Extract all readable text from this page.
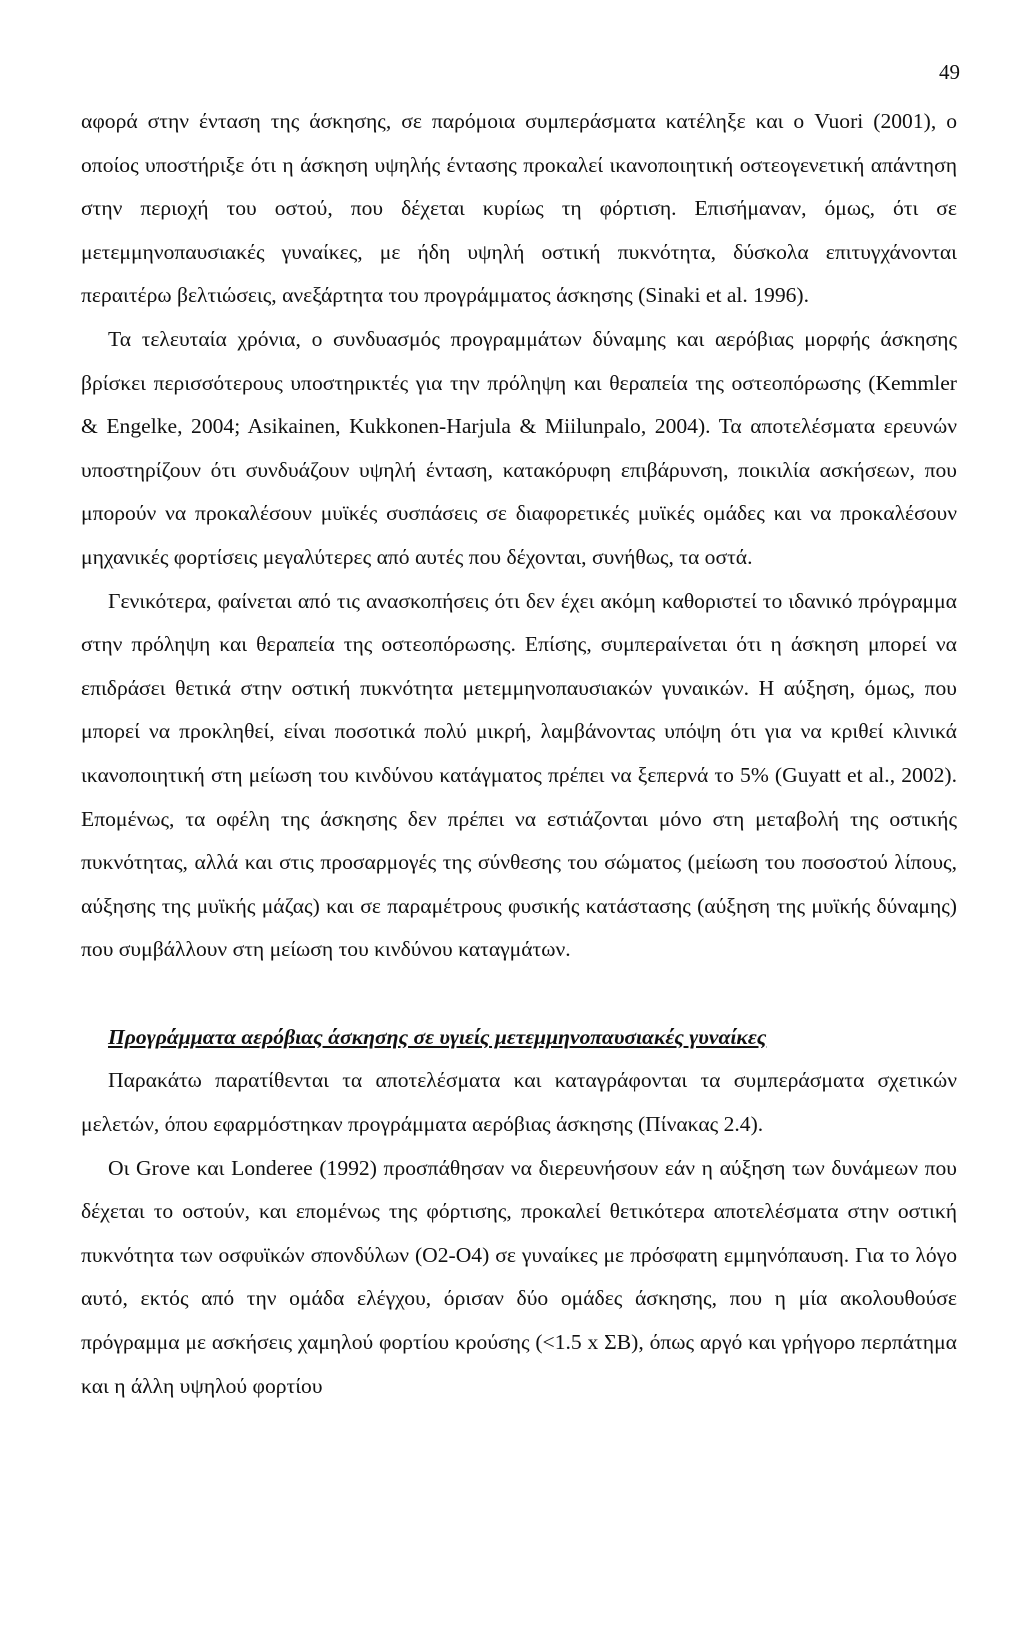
49

αφορά στην ένταση της άσκησης, σε παρόμοια συμπεράσματα κατέληξε και ο Vuori (2001), ο οποίος υποστήριξε ότι η άσκηση υψηλής έντασης προκαλεί ικανοποιητική οστεογενετική απάντηση στην περιοχή του οστού, που δέχεται κυρίως τη φόρτιση. Επισήμαναν, όμως, ότι σε μετεμμηνοπαυσιακές γυναίκες, με ήδη υψηλή οστική πυκνότητα, δύσκολα επιτυγχάνονται περαιτέρω βελτιώσεις, ανεξάρτητα του προγράμματος άσκησης (Sinaki et al. 1996).

Τα τελευταία χρόνια, ο συνδυασμός προγραμμάτων δύναμης και αερόβιας μορφής άσκησης βρίσκει περισσότερους υποστηρικτές για την πρόληψη και θεραπεία της οστεοπόρωσης (Kemmler & Engelke, 2004; Asikainen, Kukkonen-Harjula & Miilunpalo, 2004). Τα αποτελέσματα ερευνών υποστηρίζουν ότι συνδυάζουν υψηλή ένταση, κατακόρυφη επιβάρυνση, ποικιλία ασκήσεων, που μπορούν να προκαλέσουν μυϊκές συσπάσεις σε διαφορετικές μυϊκές ομάδες και να προκαλέσουν μηχανικές φορτίσεις μεγαλύτερες από αυτές που δέχονται, συνήθως, τα οστά.

Γενικότερα, φαίνεται από τις ανασκοπήσεις ότι δεν έχει ακόμη καθοριστεί το ιδανικό πρόγραμμα στην πρόληψη και θεραπεία της οστεοπόρωσης. Επίσης, συμπεραίνεται ότι η άσκηση μπορεί να επιδράσει θετικά στην οστική πυκνότητα μετεμμηνοπαυσιακών γυναικών. Η αύξηση, όμως, που μπορεί να προκληθεί, είναι ποσοτικά πολύ μικρή, λαμβάνοντας υπόψη ότι για να κριθεί κλινικά ικανοποιητική στη μείωση του κινδύνου κατάγματος πρέπει να ξεπερνά το 5% (Guyatt et al., 2002). Επομένως, τα οφέλη της άσκησης δεν πρέπει να εστιάζονται μόνο στη μεταβολή της οστικής πυκνότητας, αλλά και στις προσαρμογές της σύνθεσης του σώματος (μείωση του ποσοστού λίπους, αύξησης της μυϊκής μάζας) και σε παραμέτρους φυσικής κατάστασης (αύξηση της μυϊκής δύναμης) που συμβάλλουν στη μείωση του κινδύνου καταγμάτων.

Προγράμματα αερόβιας άσκησης σε υγιείς μετεμμηνοπαυσιακές γυναίκες

Παρακάτω παρατίθενται τα αποτελέσματα και καταγράφονται τα συμπεράσματα σχετικών μελετών, όπου εφαρμόστηκαν προγράμματα αερόβιας άσκησης (Πίνακας 2.4).

Οι Grove και Londeree (1992) προσπάθησαν να διερευνήσουν εάν η αύξηση των δυνάμεων που δέχεται το οστούν, και επομένως της φόρτισης, προκαλεί θετικότερα αποτελέσματα στην οστική πυκνότητα των οσφυϊκών σπονδύλων (Ο2-Ο4) σε γυναίκες με πρόσφατη εμμηνόπαυση. Για το λόγο αυτό, εκτός από την ομάδα ελέγχου, όρισαν δύο ομάδες άσκησης, που η μία ακολουθούσε πρόγραμμα με ασκήσεις χαμηλού φορτίου κρούσης (<1.5 x ΣΒ), όπως αργό και γρήγορο περπάτημα και η άλλη υψηλού φορτίου
